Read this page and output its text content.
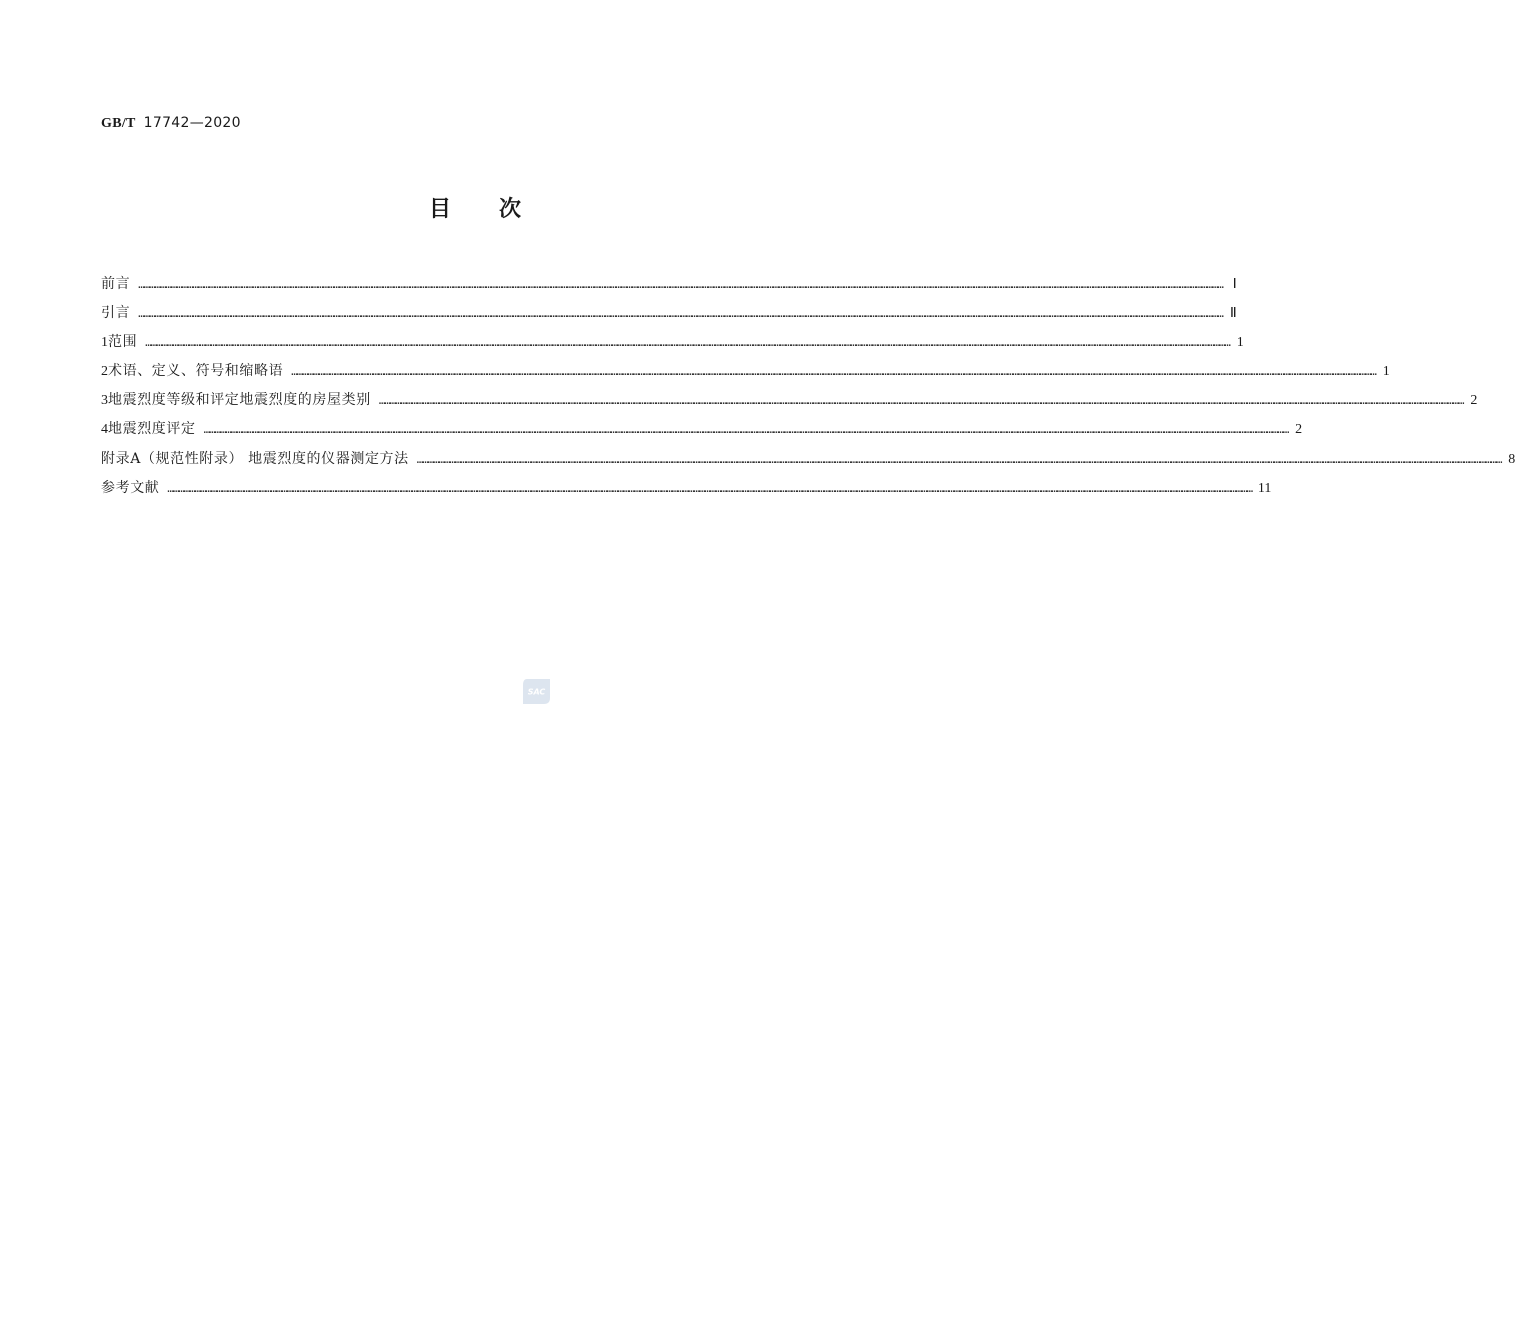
GB/T 17742—2020
目次
前言 …………………………………………………………………………………………………………………………………………………………………………………………………………………………………………………………………………………………………………………………………………………………………………………………………………………………………………………………………………………………………………………………………………………… Ⅰ
引言 …………………………………………………………………………………………………………………………………………………………………………………………………………………………………………………………………………………………………………………………………………………………………………………………………………………………………………………………………………………………………………………………………………………… Ⅱ
1 范围 …………………………………………………………………………………………………………………………………………………………………………………………………………………………………………………………………………………………………………………………………………………………………………………………………………………………………………………………………………………………………………………………………………………… 1
2 术语、定义、符号和缩略语 …………………………………………………………………………………………………………………………………………………………………………………………………………………………………………………………………………………………………………………………………………………………………………………………………………………………………………………………………………………………………………………………………………………… 1
3 地震烈度等级和评定地震烈度的房屋类别 …………………………………………………………………………………………………………………………………………………………………………………………………………………………………………………………………………………………………………………………………………………………………………………………………………………………………………………………………………………………………………………………………………………… 2
4 地震烈度评定 …………………………………………………………………………………………………………………………………………………………………………………………………………………………………………………………………………………………………………………………………………………………………………………………………………………………………………………………………………………………………………………………………………………… 2
附录A（规范性附录） 地震烈度的仪器测定方法 …………………………………………………………………………………………………………………………………………………………………………………………………………………………………………………………………………………………………………………………………………………………………………………………………………………………………………………………………………………………………………………………………………………… 8
参考文献 …………………………………………………………………………………………………………………………………………………………………………………………………………………………………………………………………………………………………………………………………………………………………………………………………………………………………………………………………………………………………………………………………………………… 11
SAC
